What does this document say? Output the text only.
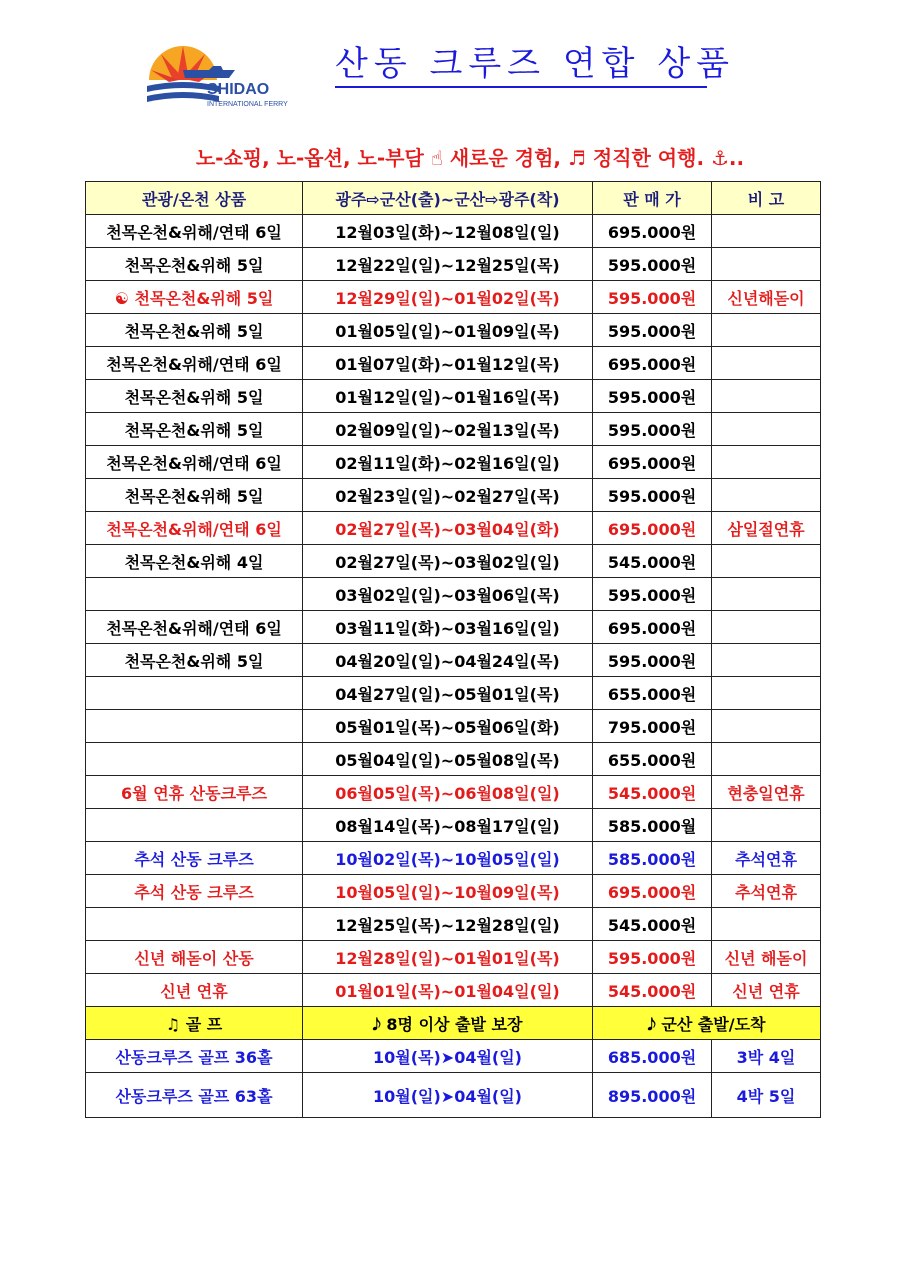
SHIDAO
INTERNATIONAL FERRY
산동 크루즈 연합 상품
노-쇼핑, 노-옵션, 노-부담 ☝ 새로운 경험, ♬ 정직한 여행. ⚓..
관광/온천 상품	광주⇨군산(출)~군산⇨광주(착)	판 매 가	비 고
천목온천&위해/연태 6일	12월03일(화)~12월08일(일)	695.000원	
천목온천&위해 5일	12월22일(일)~12월25일(목)	595.000원	
☯ 천목온천&위해 5일	12월29일(일)~01월02일(목)	595.000원	신년해돋이
천목온천&위해 5일	01월05일(일)~01월09일(목)	595.000원	
천목온천&위해/연태 6일	01월07일(화)~01월12일(목)	695.000원	
천목온천&위해 5일	01월12일(일)~01월16일(목)	595.000원	
천목온천&위해 5일	02월09일(일)~02월13일(목)	595.000원	
천목온천&위해/연태 6일	02월11일(화)~02월16일(일)	695.000원	
천목온천&위해 5일	02월23일(일)~02월27일(목)	595.000원	
천목온천&위해/연태 6일	02월27일(목)~03월04일(화)	695.000원	삼일절연휴
천목온천&위해 4일	02월27일(목)~03월02일(일)	545.000원	
	03월02일(일)~03월06일(목)	595.000원	
천목온천&위해/연태 6일	03월11일(화)~03월16일(일)	695.000원	
천목온천&위해 5일	04월20일(일)~04월24일(목)	595.000원	
	04월27일(일)~05월01일(목)	655.000원	
	05월01일(목)~05월06일(화)	795.000원	
	05월04일(일)~05월08일(목)	655.000원	
6월 연휴 산동크루즈	06월05일(목)~06월08일(일)	545.000원	현충일연휴
	08월14일(목)~08월17일(일)	585.000월	
추석 산동 크루즈	10월02일(목)~10월05일(일)	585.000원	추석연휴
추석 산동 크루즈	10월05일(일)~10월09일(목)	695.000원	추석연휴
	12월25일(목)~12월28일(일)	545.000원	
신년 해돋이 산동	12월28일(일)~01월01일(목)	595.000원	신년 해돋이
신년 연휴	01월01일(목)~01월04일(일)	545.000원	신년 연휴
♫ 골 프	𝅘𝅥𝅮 8명 이상 출발 보장	𝅘𝅥𝅮 군산 출발/도착	
산동크루즈 골프 36홀	10월(목)➤04월(일)	685.000원	3박 4일
산동크루즈 골프 63홀	10월(일)➤04월(일)	895.000원	4박 5일
